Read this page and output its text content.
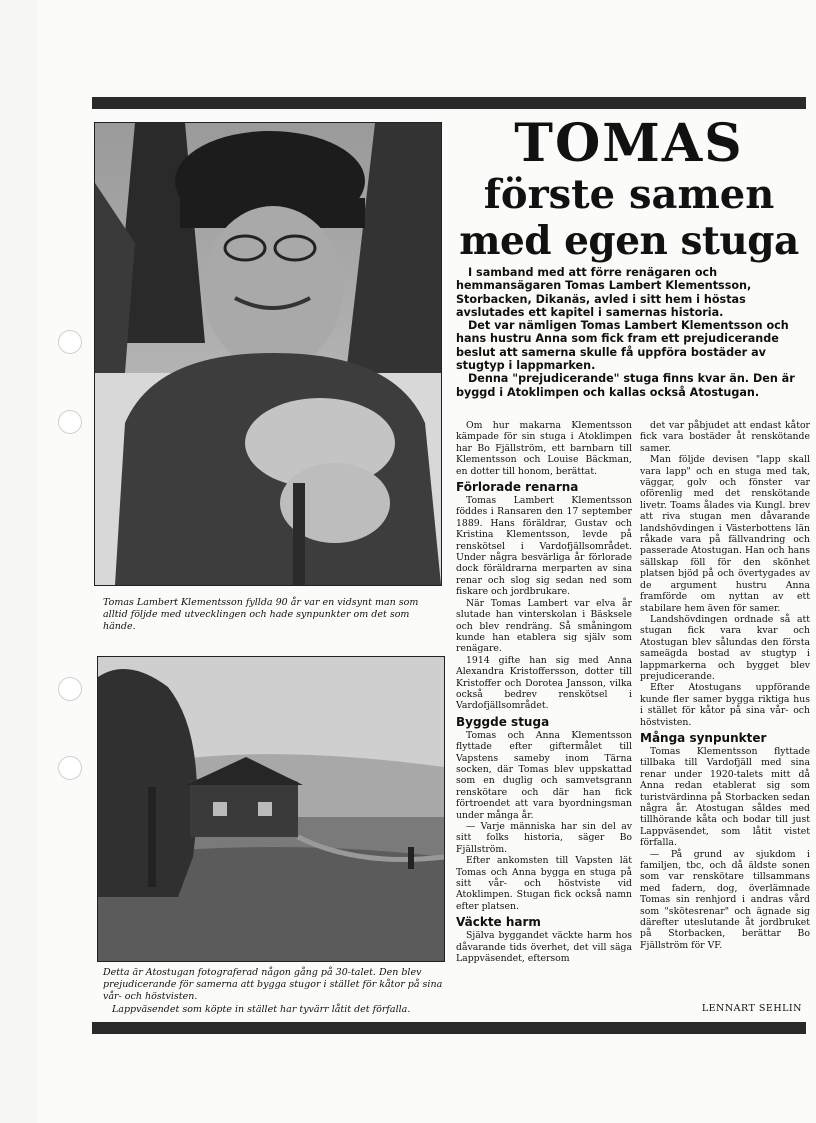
Tomas Lambert Klementsson fyllda 90 år var en vidsynt man som alltid följde med utvecklingen och hade synpunkter om det som hände.
Detta är Atostugan fotograferad någon gång på 30-talet. Den blev prejudicerande för samerna att bygga stugor i stället för kåtor på sina vår- och höstvisten.
Lappväsendet som köpte in stället har tyvärr låtit det förfalla.
TOMAS
förste samen
med egen stuga

I samband med att förre renägaren och hemmansägaren Tomas Lambert Klementsson, Storbacken, Dikanäs, avled i sitt hem i höstas avslutades ett kapitel i samernas historia.

Det var nämligen Tomas Lambert Klementsson och hans hustru Anna som fick fram ett prejudicerande beslut att samerna skulle få uppföra bostäder av stugtyp i lappmarken.

Denna "prejudicerande" stuga finns kvar än. Den är byggd i Atoklimpen och kallas också Atostugan.

Om hur makarna Klementsson kämpade för sin stuga i Atoklimpen har Bo Fjällström, ett barnbarn till Klementsson och Louise Bäckman, en dotter till honom, berättat.

Förlorade renarna

Tomas Lambert Klementsson föddes i Ransaren den 17 september 1889. Hans föräldrar, Gustav och Kristina Klementsson, levde på renskötsel i Vardofjällsområdet. Under några besvärliga år förlorade dock föräldrarna merparten av sina renar och slog sig sedan ned som fiskare och jordbrukare.

När Tomas Lambert var elva år slutade han vinterskolan i Bäsksele och blev rendräng. Så småningom kunde han etablera sig själv som renägare.

1914 gifte han sig med Anna Alexandra Kristoffersson, dotter till Kristoffer och Dorotea Jansson, vilka också bedrev renskötsel i Vardofjällsområdet.

Byggde stuga

Tomas och Anna Klementsson flyttade efter giftermålet till Vapstens sameby inom Tärna socken, där Tomas blev uppskattad som en duglig och samvetsgrann renskötare och där han fick förtroendet att vara byordningsman under många år.

— Varje människa har sin del av sitt folks historia, säger Bo Fjällström.

Efter ankomsten till Vapsten lät Tomas och Anna bygga en stuga på sitt vår- och höstviste vid Atoklimpen. Stugan fick också namn efter platsen.

Väckte harm

Själva byggandet väckte harm hos dåvarande tids överhet, det vill säga Lappväsendet, eftersom

det var påbjudet att endast kåtor fick vara bostäder åt renskötande samer.

Man följde devisen "lapp skall vara lapp" och en stuga med tak, väggar, golv och fönster var oförenlig med det renskötande livetr. Toams ålades via Kungl. brev att riva stugan men dåvarande landshövdingen i Västerbottens län råkade vara på fällvandring och passerade Atostugan. Han och hans sällskap föll för den skönhet platsen bjöd på och övertygades av de argument hustru Anna framförde om nyttan av ett stabilare hem även för samer.

Landshövdingen ordnade så att stugan fick vara kvar och Atostugan blev sålundas den första sameägda bostad av stugtyp i lappmarkerna och bygget blev prejudicerande.

Efter Atostugans uppförande kunde fler samer bygga riktiga hus i stället för kåtor på sina vår- och höstvisten.

Många synpunkter

Tomas Klementsson flyttade tillbaka till Vardofjäll med sina renar under 1920-talets mitt då Anna redan etablerat sig som turistvärdinna på Storbacken sedan några år. Atostugan såldes med tillhörande kåta och bodar till just Lappväsendet, som låtit vistet förfalla.

— På grund av sjukdom i familjen, tbc, och då äldste sonen som var renskötare tillsammans med fadern, dog, överlämnade Tomas sin renhjord i andras vård som "skötesrenar" och ägnade sig därefter uteslutande åt jordbruket på Storbacken, berättar Bo Fjällström för VF.

LENNART SEHLIN
